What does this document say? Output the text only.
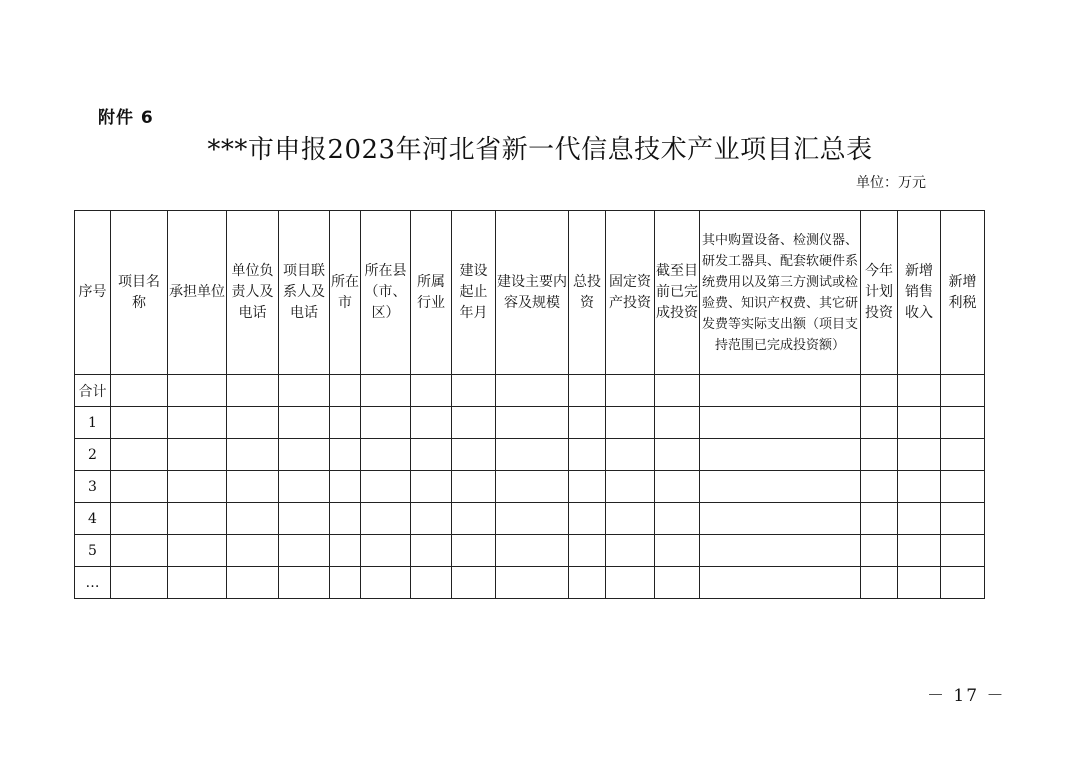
附件 6
***市申报2023年河北省新一代信息技术产业项目汇总表
单位：万元
序号	项目名称	承担单位	单位负责人及电话	项目联系人及电话	所在市	所在县（市、区）	所属行业	建设起止年月	建设主要内容及规模	总投资	固定资产投资	截至目前已完成投资	其中购置设备、检测仪器、研发工器具、配套软硬件系统费用以及第三方测试或检验费、知识产权费、其它研发费等实际支出额（项目支持范围已完成投资额）	今年计划投资	新增销售收入	新增利税
合计																
1																
2																
3																
4																
5																
…																
－ 17 －
